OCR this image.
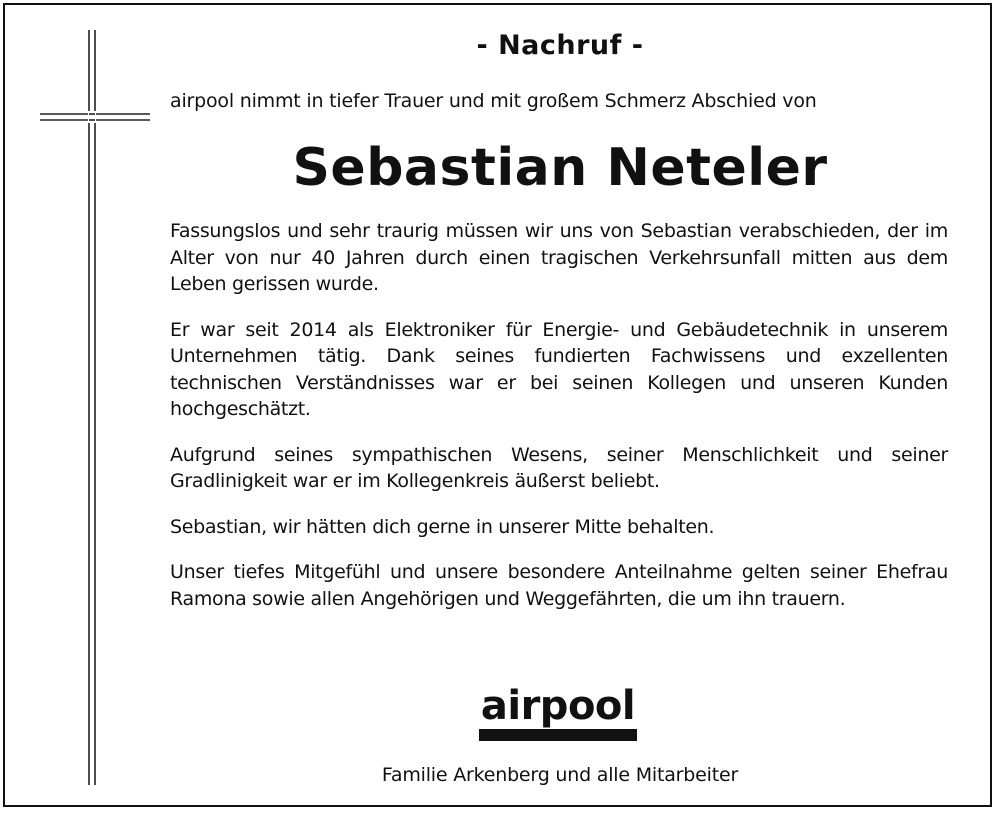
- Nachruf -
airpool nimmt in tiefer Trauer und mit großem Schmerz Abschied von
Sebastian Neteler

Fassungslos und sehr traurig müssen wir uns von Sebastian verabschieden, der im Alter von nur 40 Jahren durch einen tragischen Verkehrsunfall mitten aus dem Leben gerissen wurde.

Er war seit 2014 als Elektroniker für Energie- und Gebäudetechnik in unserem Unternehmen tätig. Dank seines fundierten Fachwissens und exzellenten technischen Verständnisses war er bei seinen Kollegen und unseren Kunden hochgeschätzt.

Aufgrund seines sympathischen Wesens, seiner Menschlichkeit und seiner Gradlinigkeit war er im Kollegenkreis äußerst beliebt.

Sebastian, wir hätten dich gerne in unserer Mitte behalten.

Unser tiefes Mitgefühl und unsere besondere Anteilnahme gelten seiner Ehefrau Ramona sowie allen Angehörigen und Weggefährten, die um ihn trauern.

airpool
Familie Arkenberg und alle Mitarbeiter
